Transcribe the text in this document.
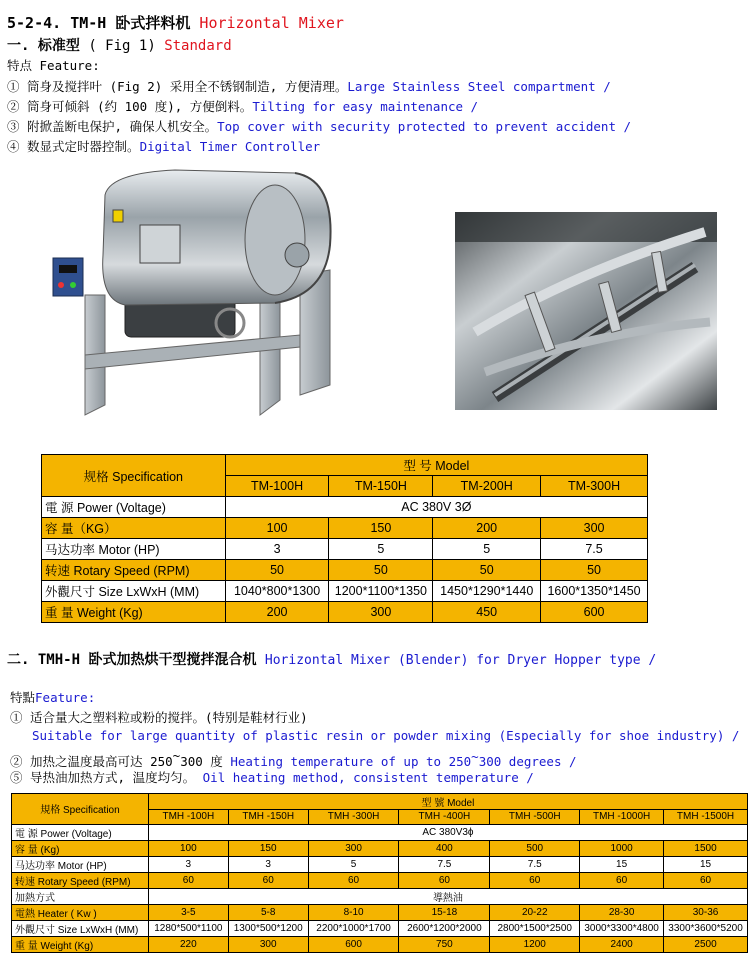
5-2-4. TM-H 卧式拌料机 Horizontal Mixer
一. 标准型 ( Fig 1) Standard
特点 Feature:
① 筒身及搅拌叶 (Fig 2) 采用全不锈钢制造, 方便清理。Large Stainless Steel compartment /
② 筒身可倾斜 (约 100 度), 方便倒料。Tilting for easy maintenance /
③ 附掀盖断电保护, 确保人机安全。Top cover with security protected to prevent accident /
④ 数显式定时器控制。Digital Timer Controller
规格 Specification	型 号 Model			
	TM-100H	TM-150H	TM-200H	TM-300H
電 源 Power (Voltage)	AC 380V 3Ø			
容 量（KG）	100	150	200	300
马达功率 Motor (HP)	3	5	5	7.5
转速 Rotary Speed (RPM)	50	50	50	50
外觀尺寸 Size LxWxH (MM)	1040*800*1300	1200*1100*1350	1450*1290*1440	1600*1350*1450
重 量 Weight (Kg)	200	300	450	600
二. TMH-H 卧式加热烘干型搅拌混合机 Horizontal Mixer (Blender) for Dryer Hopper type /
特點Feature:
① 适合量大之塑料粒或粉的搅拌。(特别是鞋材行业)
Suitable for large quantity of plastic resin or powder mixing (Especially for shoe industry) /
② 加热之温度最高可达 250~300 度 Heating temperature of up to 250~300 degrees /
⑤ 导热油加热方式, 温度均匀。 Oil heating method, consistent temperature /
規格 Specification	型 號 Model						
	TMH -100H	TMH -150H	TMH -300H	TMH -400H	TMH -500H	TMH -1000H	TMH -1500H
電 源 Power (Voltage)	AC 380V3ϕ						
容 量 (Kg)	100	150	300	400	500	1000	1500
马达功率 Motor (HP)	3	3	5	7.5	7.5	15	15
转速 Rotary Speed (RPM)	60	60	60	60	60	60	60
加熱方式	導熱油						
電熱 Heater ( Kw )	3-5	5-8	8-10	15-18	20-22	28-30	30-36
外觀尺寸 Size LxWxH (MM)	1280*500*1100	1300*500*1200	2200*1000*1700	2600*1200*2000	2800*1500*2500	3000*3300*4800	3300*3600*5200
重 量 Weight (Kg)	220	300	600	750	1200	2400	2500
